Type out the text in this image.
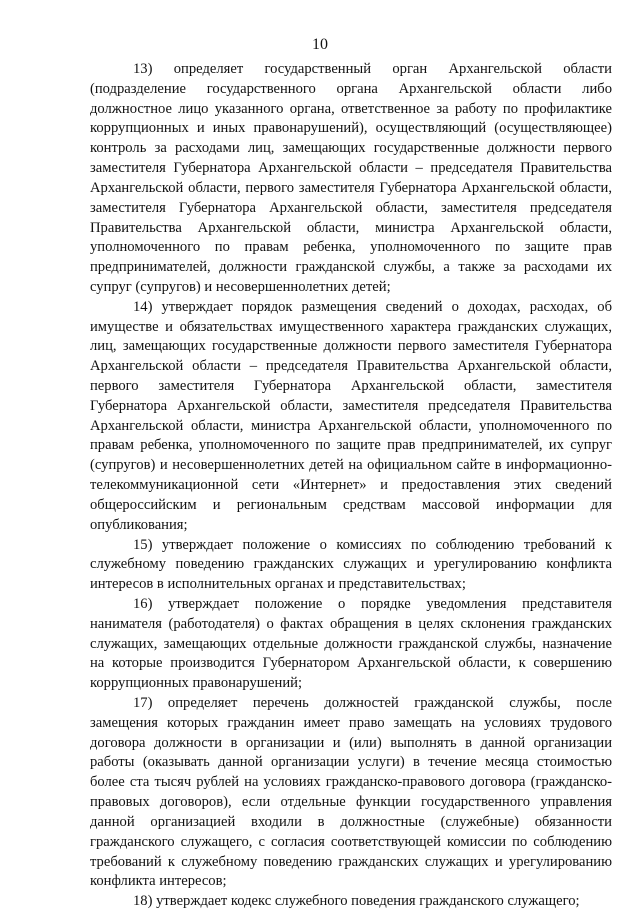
10

13) определяет государственный орган Архангельской области (подразделение государственного органа Архангельской области либо должностное лицо указанного органа, ответственное за работу по профилактике коррупционных и иных правонарушений), осуществляющий (осуществляющее) контроль за расходами лиц, замещающих государственные должности первого заместителя Губернатора Архангельской области – председателя Правительства Архангельской области, первого заместителя Губернатора Архангельской области, заместителя Губернатора Архангельской области, заместителя председателя Правительства Архангельской области, министра Архангельской области, уполномоченного по правам ребенка, уполномоченного по защите прав предпринимателей, должности гражданской службы, а также за расходами их супруг (супругов) и несовершеннолетних детей;

14) утверждает порядок размещения сведений о доходах, расходах, об имуществе и обязательствах имущественного характера гражданских служащих, лиц, замещающих государственные должности первого заместителя Губернатора Архангельской области – председателя Правительства Архангельской области, первого заместителя Губернатора Архангельской области, заместителя Губернатора Архангельской области, заместителя председателя Правительства Архангельской области, министра Архангельской области, уполномоченного по правам ребенка, уполномоченного по защите прав предпринимателей, их супруг (супругов) и несовершеннолетних детей на официальном сайте в информационно-телекоммуникационной сети «Интернет» и предоставления этих сведений общероссийским и региональным средствам массовой информации для опубликования;

15) утверждает положение о комиссиях по соблюдению требований к служебному поведению гражданских служащих и урегулированию конфликта интересов в исполнительных органах и представительствах;

16) утверждает положение о порядке уведомления представителя нанимателя (работодателя) о фактах обращения в целях склонения гражданских служащих, замещающих отдельные должности гражданской службы, назначение на которые производится Губернатором Архангельской области, к совершению коррупционных правонарушений;

17) определяет перечень должностей гражданской службы, после замещения которых гражданин имеет право замещать на условиях трудового договора должности в организации и (или) выполнять в данной организации работы (оказывать данной организации услуги) в течение месяца стоимостью более ста тысяч рублей на условиях гражданско-правового договора (гражданско-правовых договоров), если отдельные функции государственного управления данной организацией входили в должностные (служебные) обязанности гражданского служащего, с согласия соответствующей комиссии по соблюдению требований к служебному поведению гражданских служащих и урегулированию конфликта интересов;

18) утверждает кодекс служебного поведения гражданского служащего;
